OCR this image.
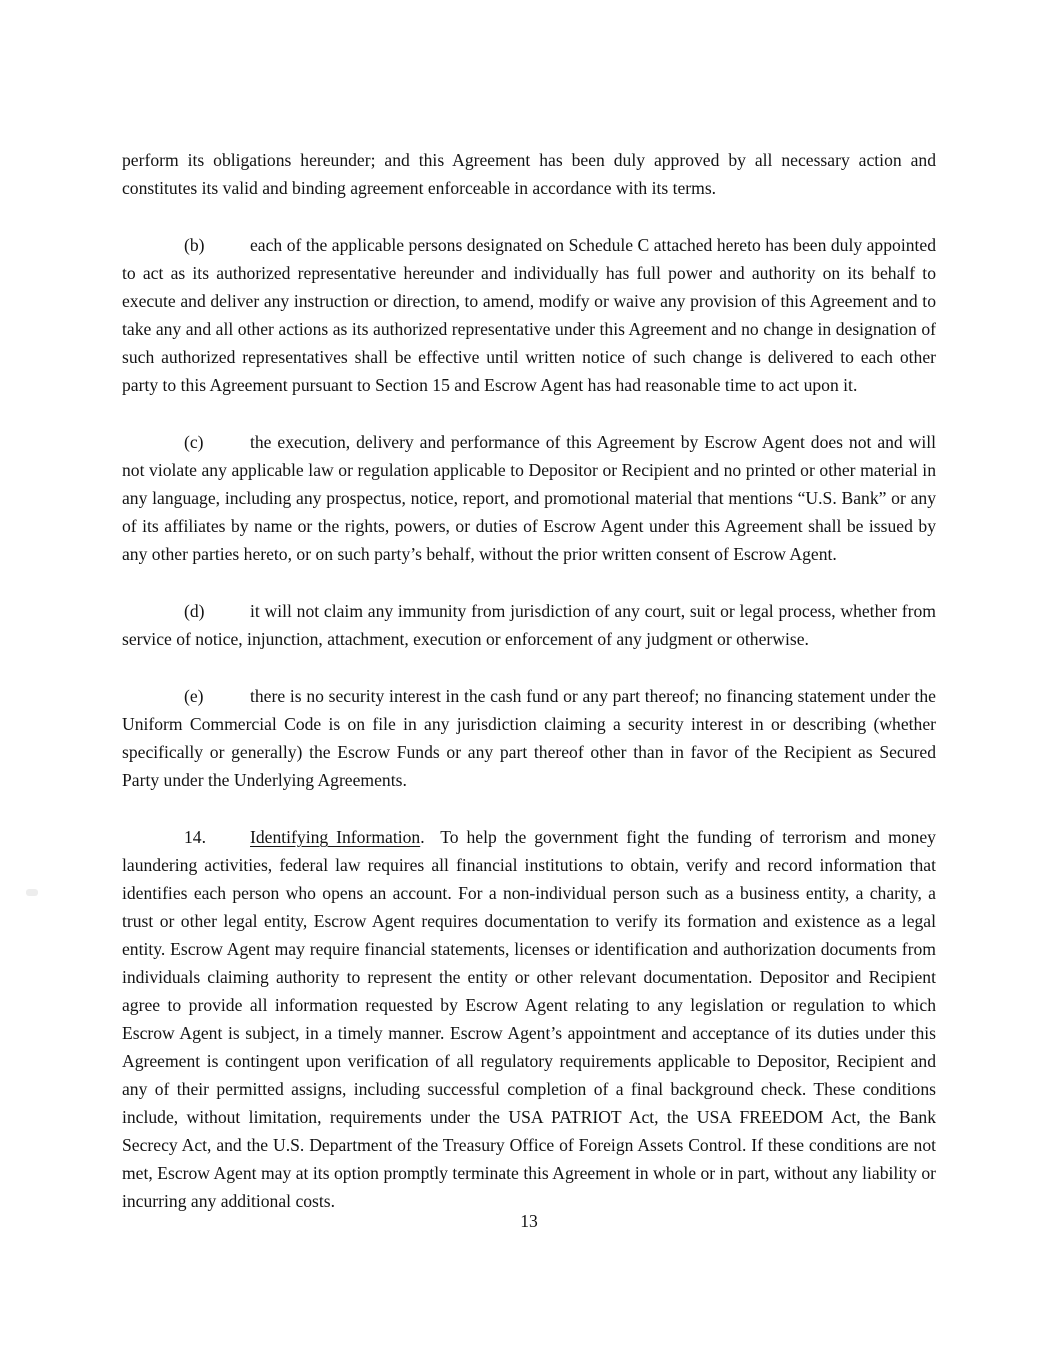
perform its obligations hereunder; and this Agreement has been duly approved by all necessary action and constitutes its valid and binding agreement enforceable in accordance with its terms.

(b)	each of the applicable persons designated on Schedule C attached hereto has been duly appointed to act as its authorized representative hereunder and individually has full power and authority on its behalf to execute and deliver any instruction or direction, to amend, modify or waive any provision of this Agreement and to take any and all other actions as its authorized representative under this Agreement and no change in designation of such authorized representatives shall be effective until written notice of such change is delivered to each other party to this Agreement pursuant to Section 15 and Escrow Agent has had reasonable time to act upon it.

(c)	the execution, delivery and performance of this Agreement by Escrow Agent does not and will not violate any applicable law or regulation applicable to Depositor or Recipient and no printed or other material in any language, including any prospectus, notice, report, and promotional material that mentions “U.S. Bank” or any of its affiliates by name or the rights, powers, or duties of Escrow Agent under this Agreement shall be issued by any other parties hereto, or on such party’s behalf, without the prior written consent of Escrow Agent.

(d)	it will not claim any immunity from jurisdiction of any court, suit or legal process, whether from service of notice, injunction, attachment, execution or enforcement of any judgment or otherwise.

(e)	there is no security interest in the cash fund or any part thereof; no financing statement under the Uniform Commercial Code is on file in any jurisdiction claiming a security interest in or describing (whether specifically or generally) the Escrow Funds or any part thereof other than in favor of the Recipient as Secured Party under the Underlying Agreements.

14.	Identifying Information.  To help the government fight the funding of terrorism and money laundering activities, federal law requires all financial institutions to obtain, verify and record information that identifies each person who opens an account. For a non-individual person such as a business entity, a charity, a trust or other legal entity, Escrow Agent requires documentation to verify its formation and existence as a legal entity. Escrow Agent may require financial statements, licenses or identification and authorization documents from individuals claiming authority to represent the entity or other relevant documentation. Depositor and Recipient agree to provide all information requested by Escrow Agent relating to any legislation or regulation to which Escrow Agent is subject, in a timely manner. Escrow Agent’s appointment and acceptance of its duties under this Agreement is contingent upon verification of all regulatory requirements applicable to Depositor, Recipient and any of their permitted assigns, including successful completion of a final background check. These conditions include, without limitation, requirements under the USA PATRIOT Act, the USA FREEDOM Act, the Bank Secrecy Act, and the U.S. Department of the Treasury Office of Foreign Assets Control. If these conditions are not met, Escrow Agent may at its option promptly terminate this Agreement in whole or in part, without any liability or incurring any additional costs.

13
